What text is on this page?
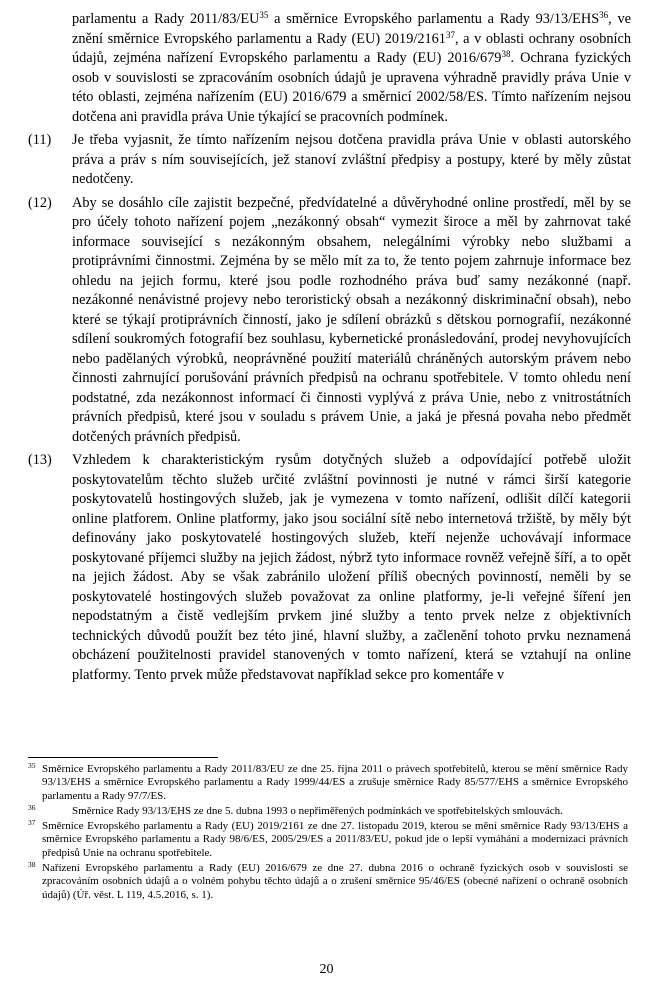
parlamentu a Rady 2011/83/EU$^{35}$ a směrnice Evropského parlamentu a Rady 93/13/EHS$^{36}$, ve znění směrnice Evropského parlamentu a Rady (EU) 2019/2161$^{37}$, a v oblasti ochrany osobních údajů, zejména nařízení Evropského parlamentu a Rady (EU) $2016/679^{38}$. Ochrana fyzických osob v souvislosti se zpracováním osobních údajů je upravena výhradně pravidly práva Unie v této oblasti, zejména nařízením (EU) 2016/679 a směrnicí 2002/58/ES. Tímto nařízením nejsou dotčena ani pravidla práva Unie týkající se pracovních podmínek.
(11)	Je třeba vyjasnit, že tímto nařízením nejsou dotčena pravidla práva Unie v oblasti autorského práva a práv s ním souvisejících, jež stanoví zvláštní předpisy a postupy, které by měly zůstat nedotčeny.
(12)	Aby se dosáhlo cíle zajistit bezpečné, předvídatelné a důvěryhodné online prostředí, měl by se pro účely tohoto nařízení pojem „nezákonný obsah“ vymezit široce a měl by zahrnovat také informace související s nezákonným obsahem, nelegálními výrobky nebo službami a protiprávními činnostmi. Zejména by se mělo mít za to, že tento pojem zahrnuje informace bez ohledu na jejich formu, které jsou podle rozhodného práva buď samy nezákonné (např. nezákonné nenávistné projevy nebo teroristický obsah a nezákonný diskriminační obsah), nebo které se týkají protiprávních činností, jako je sdílení obrázků s dětskou pornografií, nezákonné sdílení soukromých fotografií bez souhlasu, kybernetické pronásledování, prodej nevyhovujících nebo padělaných výrobků, neoprávněné použití materiálů chráněných autorským právem nebo činnosti zahrnující porušování právních předpisů na ochranu spotřebitele. V tomto ohledu není podstatné, zda nezákonnost informací či činnosti vyplývá z práva Unie, nebo z vnitrostátních právních předpisů, které jsou v souladu s právem Unie, a jaká je přesná povaha nebo předmět dotčených právních předpisů.
(13)	Vzhledem k charakteristickým rysům dotyčných služeb a odpovídající potřebě uložit poskytovatelům těchto služeb určité zvláštní povinnosti je nutné v rámci širší kategorie poskytovatelů hostingových služeb, jak je vymezena v tomto nařízení, odlišit dílčí kategorii online platforem. Online platformy, jako jsou sociální sítě nebo internetová tržiště, by měly být definovány jako poskytovatelé hostingových služeb, kteří nejenže uchovávají informace poskytované příjemci služby na jejich žádost, nýbrž tyto informace rovněž veřejně šíří, a to opět na jejich žádost. Aby se však zabránilo uložení příliš obecných povinností, neměli by se poskytovatelé hostingových služeb považovat za online platformy, je-li veřejné šíření jen nepodstatným a čistě vedlejším prvkem jiné služby a tento prvek nelze z objektivních technických důvodů použít bez této jiné, hlavní služby, a začlenění tohoto prvku neznamená obcházení použitelnosti pravidel stanovených v tomto nařízení, která se vztahují na online platformy. Tento prvek může představovat například sekce pro komentáře v
$^{35}$ Směrnice Evropského parlamentu a Rady 2011/83/EU ze dne 25. října 2011 o právech spotřebitelů, kterou se mění směrnice Rady 93/13/EHS a směrnice Evropského parlamentu a Rady 1999/44/ES a zrušuje směrnice Rady 85/577/EHS a směrnice Evropského parlamentu a Rady 97/7/ES.
$^{36}$	Směrnice Rady 93/13/EHS ze dne 5. dubna 1993 o nepřiměřených podmínkách ve spotřebitelských smlouvách.
$^{37}$ Směrnice Evropského parlamentu a Rady (EU) 2019/2161 ze dne 27. listopadu 2019, kterou se mění směrnice Rady 93/13/EHS a směrnice Evropského parlamentu a Rady 98/6/ES, 2005/29/ES a 2011/83/EU, pokud jde o lepší vymáhání a modernizaci právních předpisů Unie na ochranu spotřebitele.
$^{38}$ Nařízení Evropského parlamentu a Rady (EU) 2016/679 ze dne 27. dubna 2016 o ochraně fyzických osob v souvislosti se zpracováním osobních údajů a o volném pohybu těchto údajů a o zrušení směrnice 95/46/ES (obecné nařízení o ochraně osobních údajů) (Úř. věst. L 119, 4.5.2016, s. 1).
20
